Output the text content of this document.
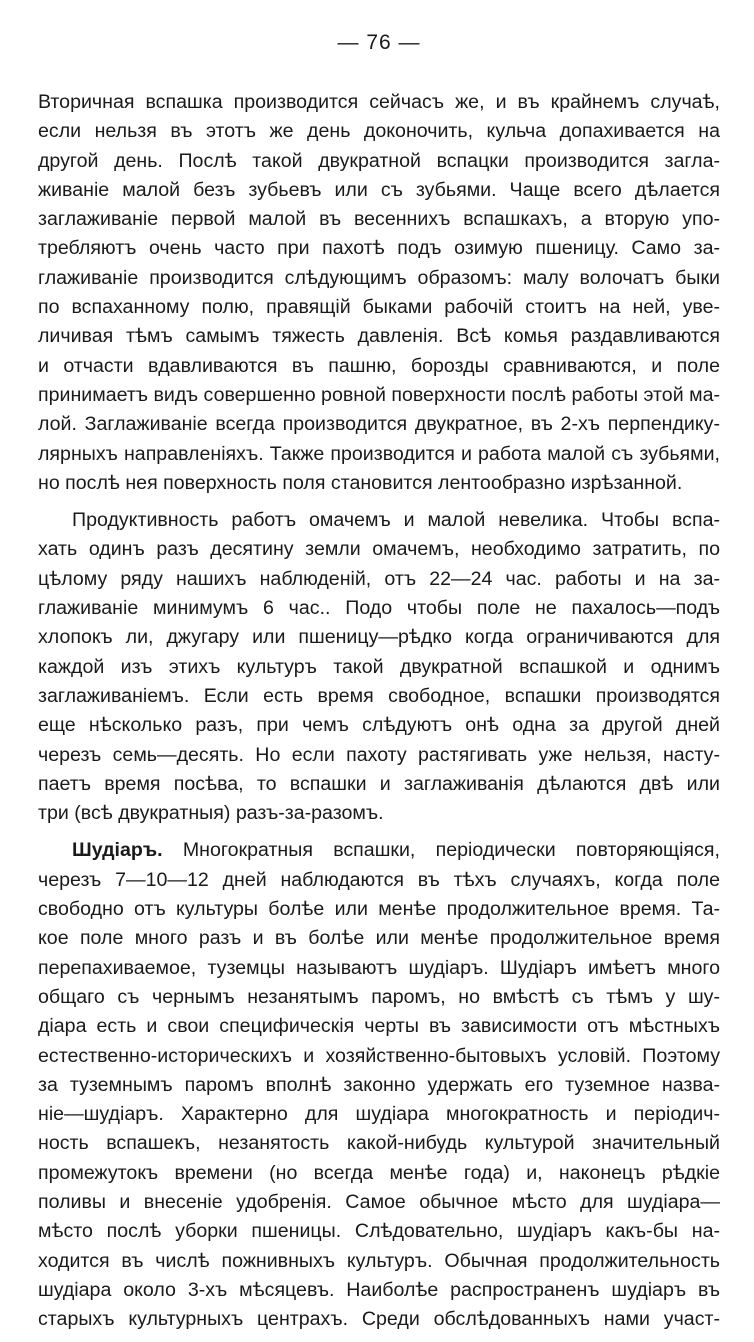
— 76 —
Вторичная вспашка производится сейчасъ же, и въ крайнемъ случаѣ,
если нельзя въ этотъ же день доконочить, кульча допахивается на
другой день. Послѣ такой двукратной вспацки производится загла-
живаніе малой безъ зубьевъ или съ зубьями. Чаще всего дѣлается
заглаживаніе первой малой въ весеннихъ вспашкахъ, а вторую упо-
требляютъ очень часто при пахотѣ подъ озимую пшеницу. Само за-
глаживаніе производится слѣдующимъ образомъ: малу волочатъ быки
по вспаханному полю, правящій быками рабочій стоитъ на ней, уве-
личивая тѣмъ самымъ тяжесть давленія. Всѣ комья раздавливаются
и отчасти вдавливаются въ пашню, борозды сравниваются, и поле
принимаетъ видъ совершенно ровной поверхности послѣ работы этой ма-
лой. Заглаживаніе всегда производится двукратное, въ 2-хъ перпендику-
лярныхъ направленіяхъ. Также производится и работа малой съ зубьями,
но послѣ нея поверхность поля становится лентообразно изрѣзанной.
Продуктивность работъ омачемъ и малой невелика. Чтобы вспа-
хать одинъ разъ десятину земли омачемъ, необходимо затратить, по
цѣлому ряду нашихъ наблюденій, отъ 22—24 час. работы и на за-
глаживаніе минимумъ 6 час.. Подо чтобы поле не пахалось—подъ
хлопокъ ли, джугару или пшеницу—рѣдко когда ограничиваются для
каждой изъ этихъ культуръ такой двукратной вспашкой и однимъ
заглаживаніемъ. Если есть время свободное, вспашки производятся
еще нѣсколько разъ, при чемъ слѣдуютъ онѣ одна за другой дней
черезъ семь—десять. Но если пахоту растягивать уже нельзя, насту-
паетъ время посѣва, то вспашки и заглаживанія дѣлаются двѣ или
три (всѣ двукратныя) разъ-за-разомъ.
Шудіаръ. Многократныя вспашки, періодически повторяющіяся,
черезъ 7—10—12 дней наблюдаются въ тѣхъ случаяхъ, когда поле
свободно отъ культуры болѣе или менѣе продолжительное время. Та-
кое поле много разъ и въ болѣе или менѣе продолжительное время
перепахиваемое, туземцы называютъ шудіаръ. Шудіаръ имѣетъ много
общаго съ чернымъ незанятымъ паромъ, но вмѣстѣ съ тѣмъ у шу-
діара есть и свои специфическія черты въ зависимости отъ мѣстныхъ
естественно-историческихъ и хозяйственно-бытовыхъ условій. Поэтому
за туземнымъ паромъ вполнѣ законно удержать его туземное назва-
ніе—шудіаръ. Характерно для шудіара многократность и періодич-
ность вспашекъ, незанятость какой-нибудь культурой значительный
промежутокъ времени (но всегда менѣе года) и, наконецъ рѣдкіе
поливы и внесеніе удобренія. Самое обычное мѣсто для шудіара—
мѣсто послѣ уборки пшеницы. Слѣдовательно, шудіаръ какъ-бы на-
ходится въ числѣ пожнивныхъ культуръ. Обычная продолжительность
шудіара около 3-хъ мѣсяцевъ. Наиболѣе распространенъ шудіаръ въ
старыхъ культурныхъ центрахъ. Среди обслѣдованныхъ нами участ-
